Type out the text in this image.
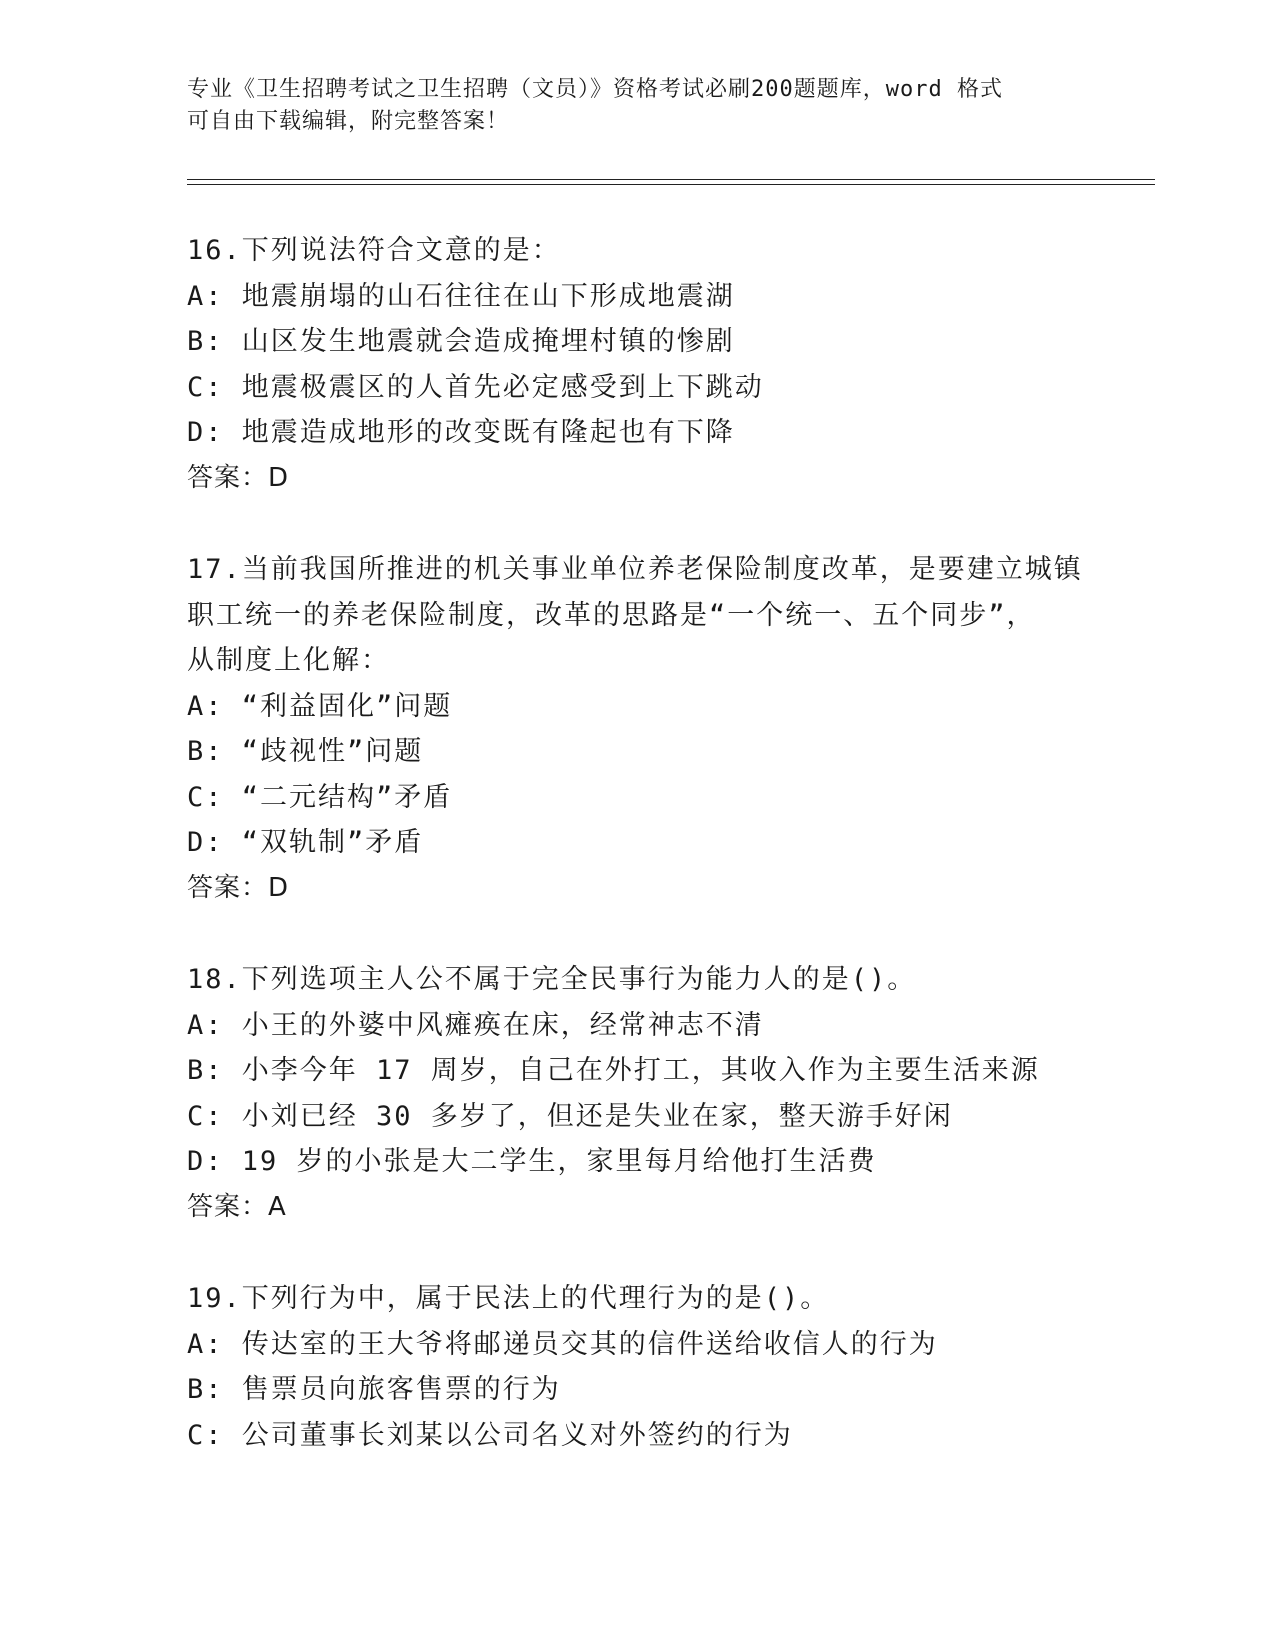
专业《卫生招聘考试之卫生招聘（文员）》资格考试必刷200题题库，word 格式
可自由下载编辑，附完整答案！
16.下列说法符合文意的是：
A: 地震崩塌的山石往往在山下形成地震湖
B: 山区发生地震就会造成掩埋村镇的惨剧
C: 地震极震区的人首先必定感受到上下跳动
D: 地震造成地形的改变既有隆起也有下降
答案：D
17.当前我国所推进的机关事业单位养老保险制度改革，是要建立城镇
职工统一的养老保险制度，改革的思路是“一个统一、五个同步”，
从制度上化解：
A: “利益固化”问题
B: “歧视性”问题
C: “二元结构”矛盾
D: “双轨制”矛盾
答案：D
18.下列选项主人公不属于完全民事行为能力人的是()。
A: 小王的外婆中风瘫痪在床，经常神志不清
B: 小李今年 17 周岁，自己在外打工，其收入作为主要生活来源
C: 小刘已经 30 多岁了，但还是失业在家，整天游手好闲
D: 19 岁的小张是大二学生，家里每月给他打生活费
答案：A
19.下列行为中，属于民法上的代理行为的是()。
A: 传达室的王大爷将邮递员交其的信件送给收信人的行为
B: 售票员向旅客售票的行为
C: 公司董事长刘某以公司名义对外签约的行为
